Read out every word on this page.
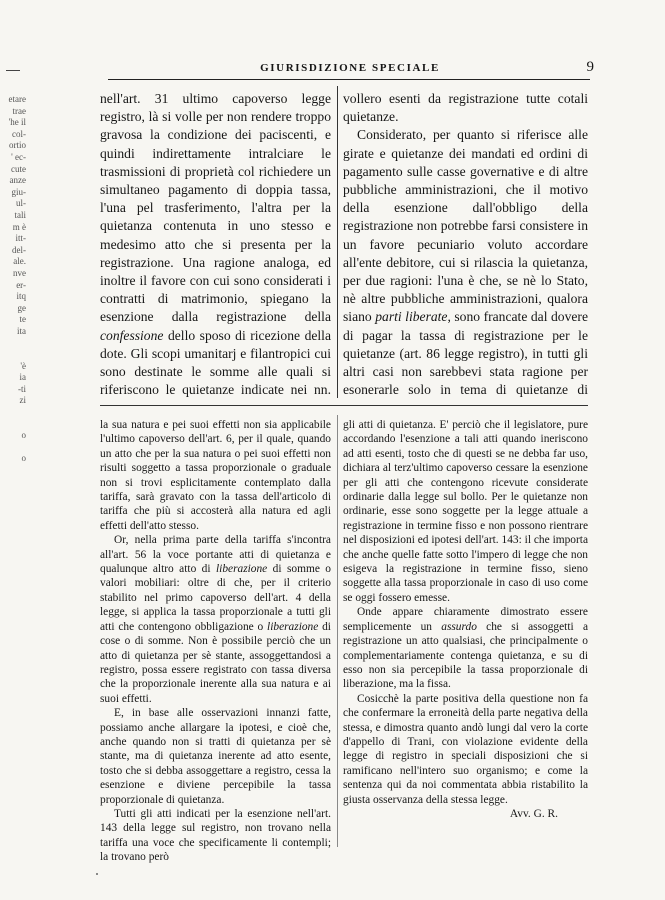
etare
trae
'he il
col-
ortio
' ec-
cute
anze
giu-
ul-
tali
m è
itt-
del-
ale.
nve
er-
itq
ge
te
ita

'è
ia
-ti
zi

o

o
GIURISDIZIONE SPECIALE	9

nell'art. 31 ultimo capoverso legge registro, là si volle per non rendere troppo gravosa la condizione dei paciscenti, e quindi indirettamente intralciare le trasmissioni di proprietà col richiedere un simultaneo pagamento di doppia tassa, l'una pel trasferimento, l'altra per la quietanza contenuta in uno stesso e medesimo atto che si presenta per la registrazione. Una ragione analoga, ed inoltre il favore con cui sono considerati i contratti di matrimonio, spiegano la esenzione dalla registrazione della confessione dello sposo di ricezione della dote. Gli scopi umanitarj e filantropici cui sono destinate le somme alle quali si riferiscono le quietanze indicate nei nn.

vollero esenti da registrazione tutte cotali quietanze.

Considerato, per quanto si riferisce alle girate e quietanze dei mandati ed ordini di pagamento sulle casse governative e di altre pubbliche amministrazioni, che il motivo della esenzione dall'obbligo della registrazione non potrebbe farsi consistere in un favore pecuniario voluto accordare all'ente debitore, cui si rilascia la quietanza, per due ragioni: l'una è che, se nè lo Stato, nè altre pubbliche amministrazioni, qualora siano parti liberate, sono francate dal dovere di pagar la tassa di registrazione per le quietanze (art. 86 legge registro), in tutti gli altri casi non sarebbevi stata ragione per esonerarle solo in tema di quietanze di

la sua natura e pei suoi effetti non sia applicabile l'ultimo capoverso dell'art. 6, per il quale, quando un atto che per la sua natura o pei suoi effetti non risulti soggetto a tassa proporzionale o graduale non si trovi esplicitamente contemplato dalla tariffa, sarà gravato con la tassa dell'articolo di tariffa che più si accosterà alla natura ed agli effetti dell'atto stesso.

Or, nella prima parte della tariffa s'incontra all'art. 56 la voce portante atti di quietanza e qualunque altro atto di liberazione di somme o valori mobiliari: oltre di che, per il criterio stabilito nel primo capoverso dell'art. 4 della legge, si applica la tassa proporzionale a tutti gli atti che contengono obbligazione o liberazione di cose o di somme. Non è possibile perciò che un atto di quietanza per sè stante, assoggettandosi a registro, possa essere registrato con tassa diversa che la proporzionale inerente alla sua natura e ai suoi effetti.

E, in base alle osservazioni innanzi fatte, possiamo anche allargare la ipotesi, e cioè che, anche quando non si tratti di quietanza per sè stante, ma di quietanza inerente ad atto esente, tosto che si debba assoggettare a registro, cessa la esenzione e diviene percepibile la tassa proporzionale di quietanza.

Tutti gli atti indicati per la esenzione nell'art. 143 della legge sul registro, non trovano nella tariffa una voce che specificamente li contempli; la trovano però

gli atti di quietanza. E' perciò che il legislatore, pure accordando l'esenzione a tali atti quando ineriscono ad atti esenti, tosto che di questi se ne debba far uso, dichiara al terz'ultimo capoverso cessare la esenzione per gli atti che contengono ricevute considerate ordinarie dalla legge sul bollo. Per le quietanze non ordinarie, esse sono soggette per la legge attuale a registrazione in termine fisso e non possono rientrare nel disposizioni ed ipotesi dell'art. 143: il che importa che anche quelle fatte sotto l'impero di legge che non esigeva la registrazione in termine fisso, sieno soggette alla tassa proporzionale in caso di uso come se oggi fossero emesse.

Onde appare chiaramente dimostrato essere semplicemente un assurdo che si assoggetti a registrazione un atto qualsiasi, che principalmente o complementariamente contenga quietanza, e su di esso non sia percepibile la tassa proporzionale di liberazione, ma la fissa.

Cosicchè la parte positiva della questione non fa che confermare la erroneità della parte negativa della stessa, e dimostra quanto andò lungi dal vero la corte d'appello di Trani, con violazione evidente della legge di registro in speciali disposizioni che si ramificano nell'intero suo organismo; e come la sentenza qui da noi commentata abbia ristabilito la giusta osservanza della stessa legge.

Avv. G. R.
